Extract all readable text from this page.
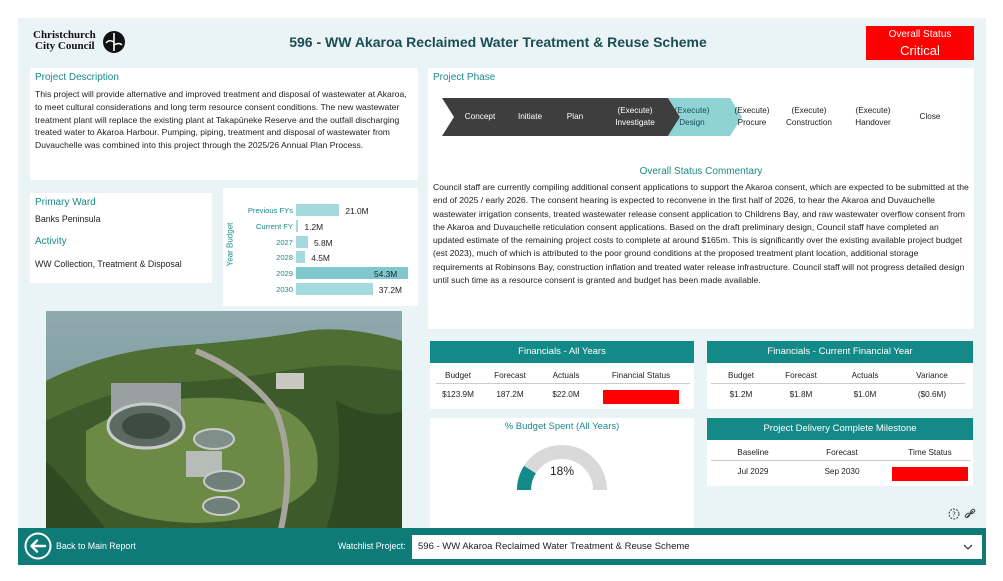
Christchurch
City Council	596 - WW Akaroa Reclaimed Water Treatment & Reuse Scheme	Overall Status
Critical
Project Description
This project will provide alternative and improved treatment and disposal of wastewater at Akaroa, to meet cultural considerations and long term resource consent conditions. The new wastewater treatment plant will replace the existing plant at Takapūneke Reserve and the outfall discharging treated water to Akaroa Harbour. Pumping, piping, treatment and disposal of wastewater from Duvauchelle was combined into this project through the 2025/26 Annual Plan Process.
Primary Ward
Banks Peninsula
Activity
WW Collection, Treatment & Disposal	Year Budget
Previous FYs	21.0M
Current FY 1.2M
2027 5.8M
2028 4.5M
2029	54.3M
2030	37.2M
Project Phase
Concept	Initiate	Plan
(Execute)
Investigate
(Execute)
Design
(Execute)
Procure
(Execute)
Construction
(Execute)
Handover
Close
Overall Status Commentary
Council staff are currently compiling additional consent applications to support the Akaroa consent, which are expected to be submitted at the end of 2025 / early 2026. The consent hearing is expected to reconvene in the first half of 2026, to hear the Akaroa and Duvauchelle wastewater irrigation consents, treated wastewater release consent application to Childrens Bay, and raw wastewater overflow consent from the Akaroa and Duvauchelle reticulation consent applications. Based on the draft preliminary design, Council staff have completed an updated estimate of the remaining project costs to complete at around $165m. This is significantly over the existing available project budget (est 2023), much of which is attributed to the poor ground conditions at the proposed treatment plant location, additional storage requirements at Robinsons Bay, construction inflation and treated water release infrastructure. Council staff will not progress detailed design until such time as a resource consent is granted and budget has been made available.
Financials - All Years
Budget	Forecast	Actuals	Financial Status
$123.9M	187.2M	$22.0M
Financials - Current Financial Year
Budget	Forecast	Actuals	Variance
$1.2M	$1.8M	$1.0M	($0.6M)
% Budget Spent (All Years)
18%
Project Delivery Complete Milestone
Baseline	Forecast	Time Status
Jul 2029	Sep 2030
?
Back to Main Report	Watchlist Project:	596 - WW Akaroa Reclaimed Water Treatment & Reuse Scheme
